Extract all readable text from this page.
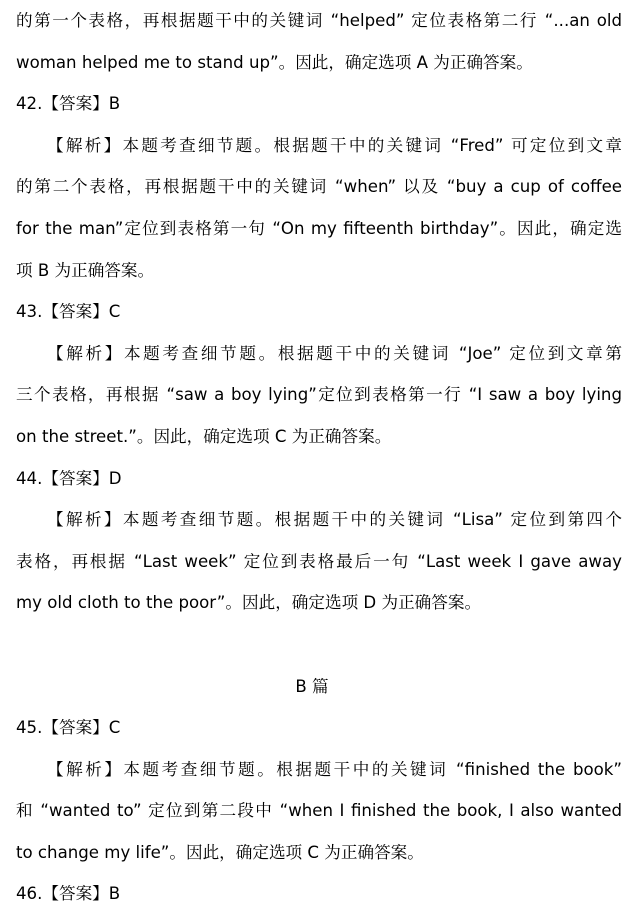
的第一个表格，再根据题干中的关键词 “helped” 定位表格第二行 “...an old
woman helped me to stand up”。因此，确定选项 A 为正确答案。
42.【答案】B
【解析】本题考查细节题。根据题干中的关键词 “Fred” 可定位到文章
的第二个表格，再根据题干中的关键词 “when” 以及 “buy a cup of coffee
for the man”定位到表格第一句 “On my fifteenth birthday”。因此，确定选
项 B 为正确答案。
43.【答案】C
【解析】本题考查细节题。根据题干中的关键词 “Joe” 定位到文章第
三个表格，再根据 “saw a boy lying”定位到表格第一行 “I saw a boy lying
on the street.”。因此，确定选项 C 为正确答案。
44.【答案】D
【解析】本题考查细节题。根据题干中的关键词 “Lisa” 定位到第四个
表格，再根据 “Last week” 定位到表格最后一句 “Last week I gave away
my old cloth to the poor”。因此，确定选项 D 为正确答案。
B 篇
45.【答案】C
【解析】本题考查细节题。根据题干中的关键词 “finished the book”
和 “wanted to” 定位到第二段中 “when I finished the book, I also wanted
to change my life”。因此，确定选项 C 为正确答案。
46.【答案】B
